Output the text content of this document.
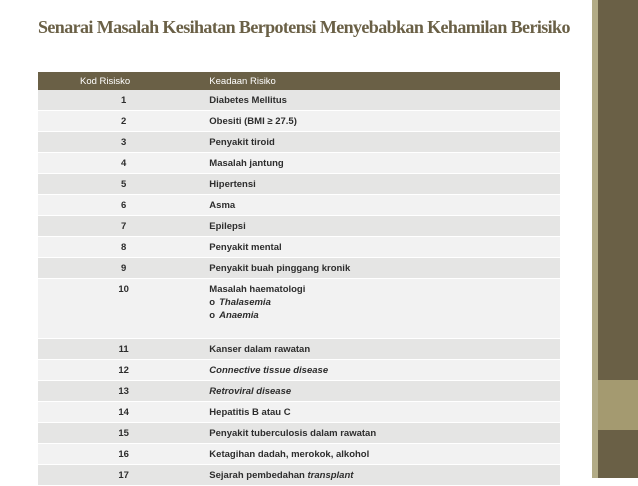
Senarai Masalah Kesihatan Berpotensi Menyebabkan Kehamilan Berisiko
Kod Risisko	Keadaan Risiko
1	Diabetes Mellitus
2	Obesiti (BMI ≥ 27.5)
3	Penyakit tiroid
4	Masalah jantung
5	Hipertensi
6	Asma
7	Epilepsi
8	Penyakit mental
9	Penyakit buah pinggang kronik
10	Masalah haematologi
o Thalasemia
o Anaemia

11	Kanser dalam rawatan
12	Connective tissue disease
13	Retroviral disease
14	Hepatitis B atau C
15	Penyakit tuberculosis dalam rawatan
16	Ketagihan dadah, merokok, alkohol
17	Sejarah pembedahan transplant
